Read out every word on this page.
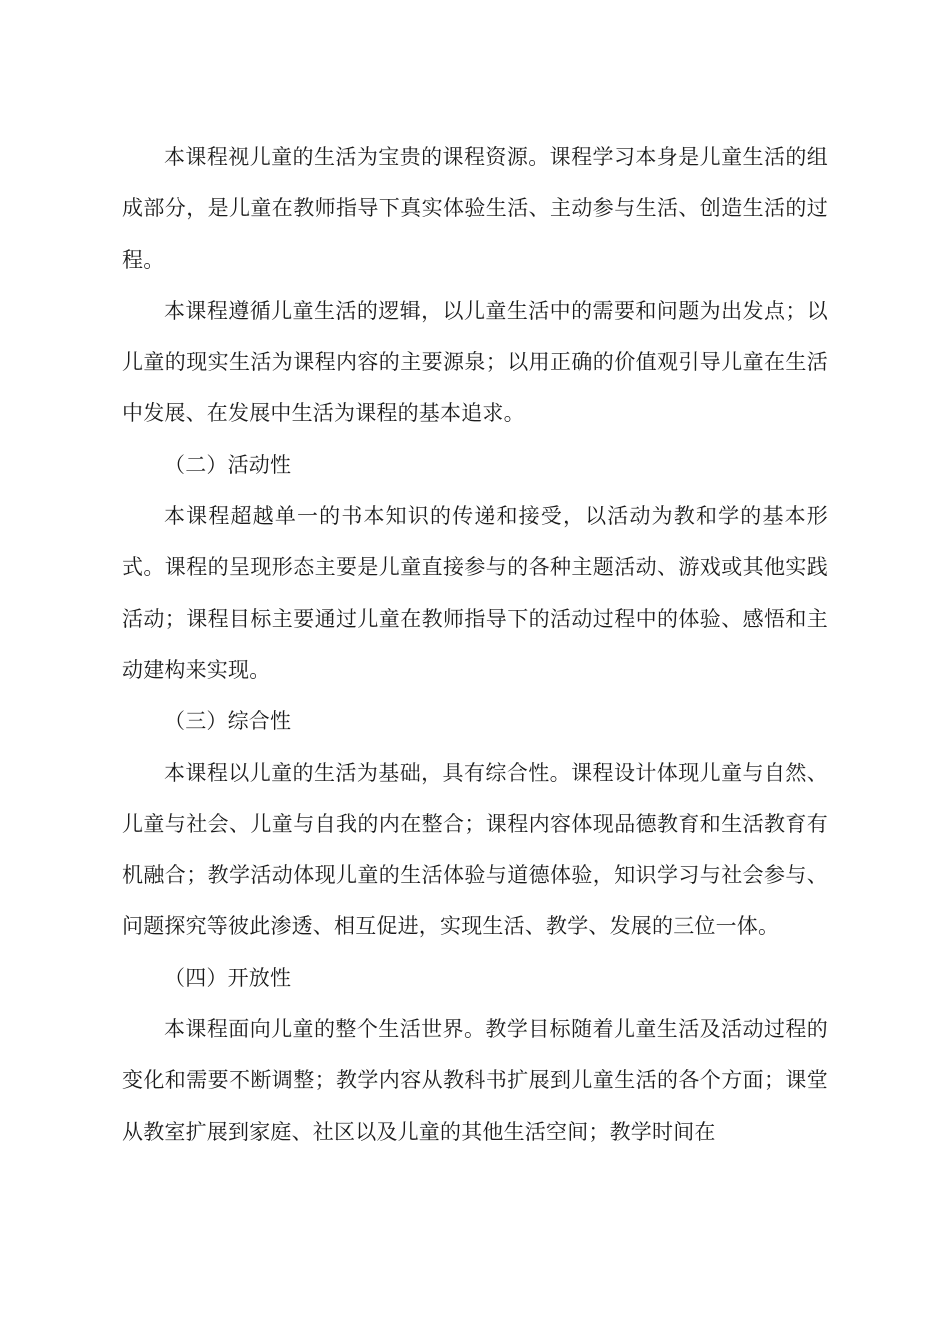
本课程视儿童的生活为宝贵的课程资源。课程学习本身是儿童生活的组成部分，是儿童在教师指导下真实体验生活、主动参与生活、创造生活的过程。

本课程遵循儿童生活的逻辑，以儿童生活中的需要和问题为出发点；以儿童的现实生活为课程内容的主要源泉；以用正确的价值观引导儿童在生活中发展、在发展中生活为课程的基本追求。

（二）活动性

本课程超越单一的书本知识的传递和接受，以活动为教和学的基本形式。课程的呈现形态主要是儿童直接参与的各种主题活动、游戏或其他实践活动；课程目标主要通过儿童在教师指导下的活动过程中的体验、感悟和主动建构来实现。

（三）综合性

本课程以儿童的生活为基础，具有综合性。课程设计体现儿童与自然、儿童与社会、儿童与自我的内在整合；课程内容体现品德教育和生活教育有机融合；教学活动体现儿童的生活体验与道德体验，知识学习与社会参与、问题探究等彼此渗透、相互促进，实现生活、教学、发展的三位一体。

（四）开放性

本课程面向儿童的整个生活世界。教学目标随着儿童生活及活动过程的变化和需要不断调整；教学内容从教科书扩展到儿童生活的各个方面；课堂从教室扩展到家庭、社区以及儿童的其他生活空间；教学时间在
